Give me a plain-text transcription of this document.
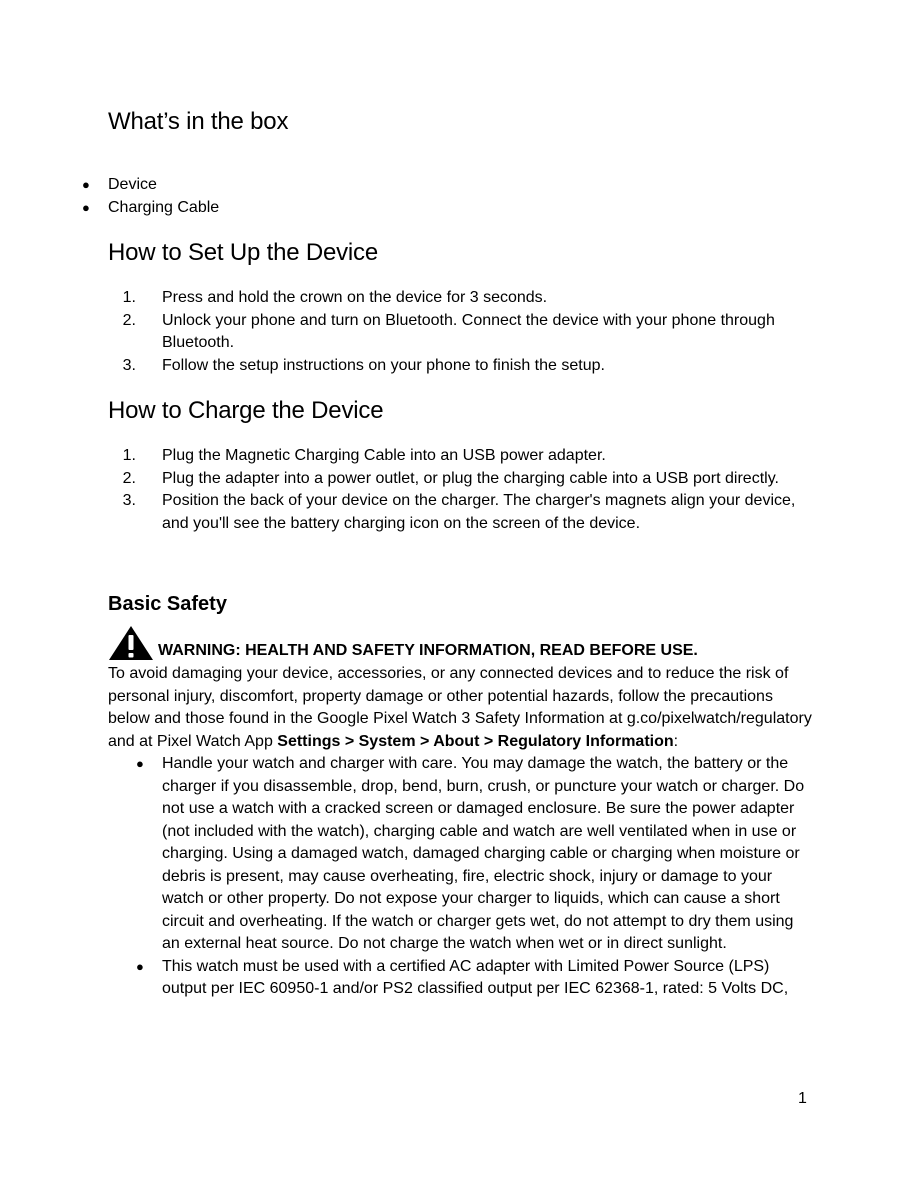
What’s in the box
● Device
● Charging Cable
How to Set Up the Device
1. Press and hold the crown on the device for 3 seconds.
2. Unlock your phone and turn on Bluetooth. Connect the device with your phone through Bluetooth.
3. Follow the setup instructions on your phone to finish the setup.
How to Charge the Device
1. Plug the Magnetic Charging Cable into an USB power adapter.
2. Plug the adapter into a power outlet, or plug the charging cable into a USB port directly.
3. Position the back of your device on the charger. The charger's magnets align your device, and you'll see the battery charging icon on the screen of the device.
Basic Safety
WARNING: HEALTH AND SAFETY INFORMATION, READ BEFORE USE.

To avoid damaging your device, accessories, or any connected devices and to reduce the risk of personal injury, discomfort, property damage or other potential hazards, follow the precautions below and those found in the Google Pixel Watch 3 Safety Information at g.co/pixelwatch/regulatory and at Pixel Watch App Settings > System > About > Regulatory Information:

● Handle your watch and charger with care. You may damage the watch, the battery or the charger if you disassemble, drop, bend, burn, crush, or puncture your watch or charger. Do not use a watch with a cracked screen or damaged enclosure. Be sure the power adapter (not included with the watch), charging cable and watch are well ventilated when in use or charging. Using a damaged watch, damaged charging cable or charging when moisture or debris is present, may cause overheating, fire, electric shock, injury or damage to your watch or other property. Do not expose your charger to liquids, which can cause a short circuit and overheating. If the watch or charger gets wet, do not attempt to dry them using an external heat source. Do not charge the watch when wet or in direct sunlight.
● This watch must be used with a certified AC adapter with Limited Power Source (LPS) output per IEC 60950-1 and/or PS2 classified output per IEC 62368-1, rated: 5 Volts DC,
1
